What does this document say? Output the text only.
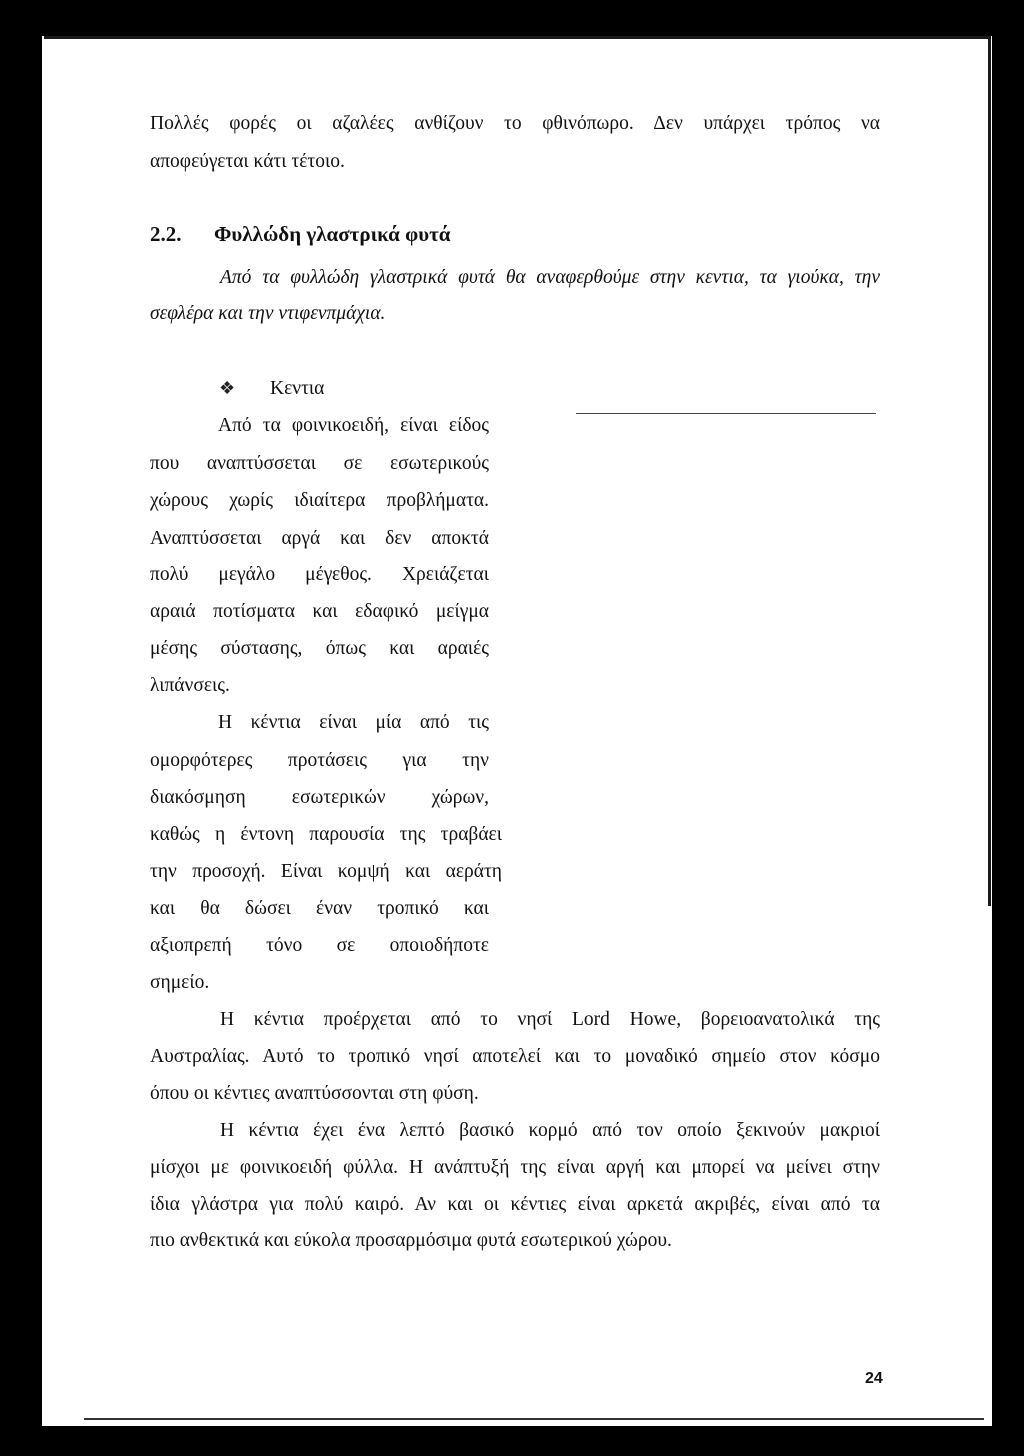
Πολλές φορές οι αζαλέες ανθίζουν το φθινόπωρο. Δεν υπάρχει τρόπος να
αποφεύγεται κάτι τέτοιο.
2.2. Φυλλώδη γλαστρικά φυτά
Από τα φυλλώδη γλαστρικά φυτά θα αναφερθούμε στην κεντια, τα γιούκα, την
σεφλέρα και την ντιφενπμάχια.
❖ Κεντια
Από τα φοινικοειδή, είναι είδος
που αναπτύσσεται σε εσωτερικούς
χώρους χωρίς ιδιαίτερα προβλήματα.
Αναπτύσσεται αργά και δεν αποκτά
πολύ μεγάλο μέγεθος. Χρειάζεται
αραιά ποτίσματα και εδαφικό μείγμα
μέσης σύστασης, όπως και αραιές
λιπάνσεις.
Η κέντια είναι μία από τις
ομορφότερες προτάσεις για την
διακόσμηση εσωτερικών χώρων,
καθώς η έντονη παρουσία της τραβάει
την προσοχή. Είναι κομψή και αεράτη
και θα δώσει έναν τροπικό και
αξιοπρεπή τόνο σε οποιοδήποτε
σημείο.
Η κέντια προέρχεται από το νησί Lord Howe, βορειοανατολικά της
Αυστραλίας. Αυτό το τροπικό νησί αποτελεί και το μοναδικό σημείο στον κόσμο
όπου οι κέντιες αναπτύσσονται στη φύση.
Η κέντια έχει ένα λεπτό βασικό κορμό από τον οποίο ξεκινούν μακριοί
μίσχοι με φοινικοειδή φύλλα. Η ανάπτυξή της είναι αργή και μπορεί να μείνει στην
ίδια γλάστρα για πολύ καιρό. Αν και οι κέντιες είναι αρκετά ακριβές, είναι από τα
πιο ανθεκτικά και εύκολα προσαρμόσιμα φυτά εσωτερικού χώρου.
24
